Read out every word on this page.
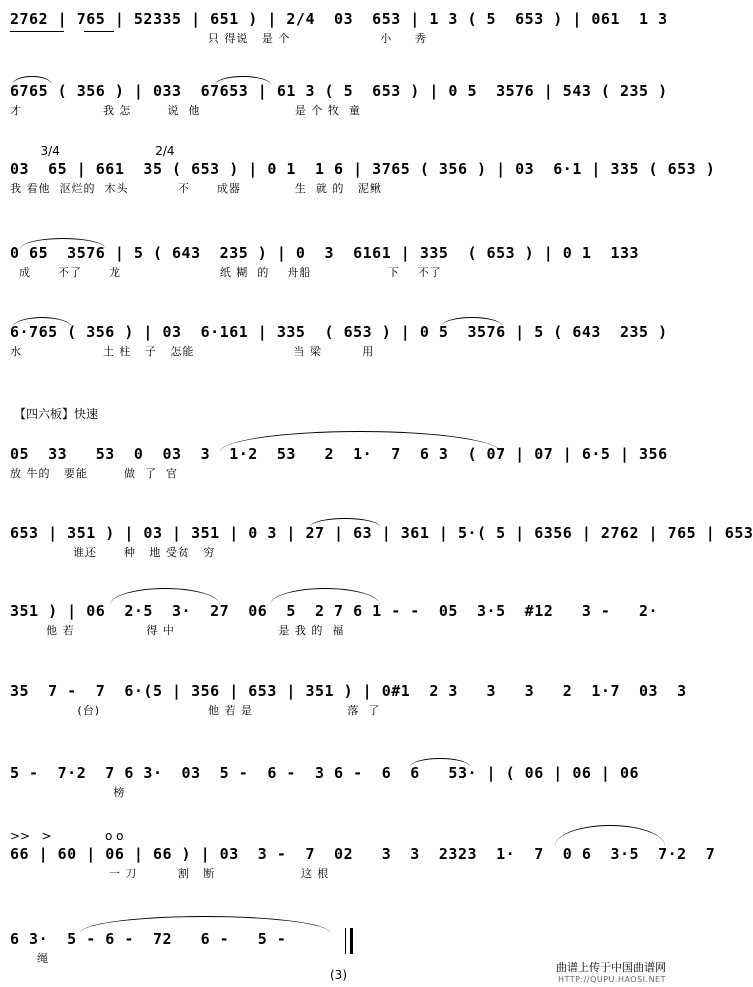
2762 | 765 | 52335 | 651 ) | 2/4  03  653 | 1 3 ( 5  653 ) | 061  1 3
只 得说   是 个                    小     秀
6765 ( 356 ) | 033  67653 | 61 3 ( 5  653 ) | 0 5  3576 | 543 ( 235 )
才                  我 怎        说  他                     是 个 牧  童
3/4                         2/4
03  65 | 661  35 ( 653 ) | 0 1  1 6 | 3765 ( 356 ) | 03  6·1 | 335 ( 653 )
我 看他  沤烂的  木头           不      成器            生  就 的   泥鳅
0 65  3576 | 5 ( 643  235 ) | 0  3  6161 | 335  ( 653 ) | 0 1  133
成      不了      龙                      纸 糊  的    舟船                 下    不了
6·765 ( 356 ) | 03  6·161 | 335  ( 653 ) | 0 5  3576 | 5 ( 643  235 )
水                  土 柱   子   怎能                      当 梁         用
【四六板】快速
05  33   53  0  03  3  1·2  53   2  1·  7  6 3  ( 07 | 07 | 6·5 | 356
放 牛的   要能        做  了  官
653 | 351 ) | 03 | 351 | 0 3 | 27 | 63 | 361 | 5·( 5 | 6356 | 2762 | 765 | 653
谁还      种   地 受贫   穷
351 ) | 06  2·5  3·  27  06  5  2 7 6 1 - -  05  3·5  #12   3 -   2·
他 若                得 中                       是 我 的  福
35  7 -  7  6·(5 | 356 | 653 | 351 ) | 0#1  2 3   3   3   2  1·7  03  3
(台)                        他 若 是                     落  了
5 -  7·2  7 6 3·  03  5 -  6 -  3 6 -  6  6   53· | ( 06 | 06 | 06
榜
>>   >              o o
66 | 60 | 06 | 66 ) | 03  3 -  7  02   3  3  2323  1·  7  0 6  3·5  7·2  7
一 刀         割   断                   这 根
6 3·  5 - 6 -  72   6 -   5 -
绳
(3)
曲谱上传于中国曲谱网
HTTP://QUPU.HAOSI.NET
